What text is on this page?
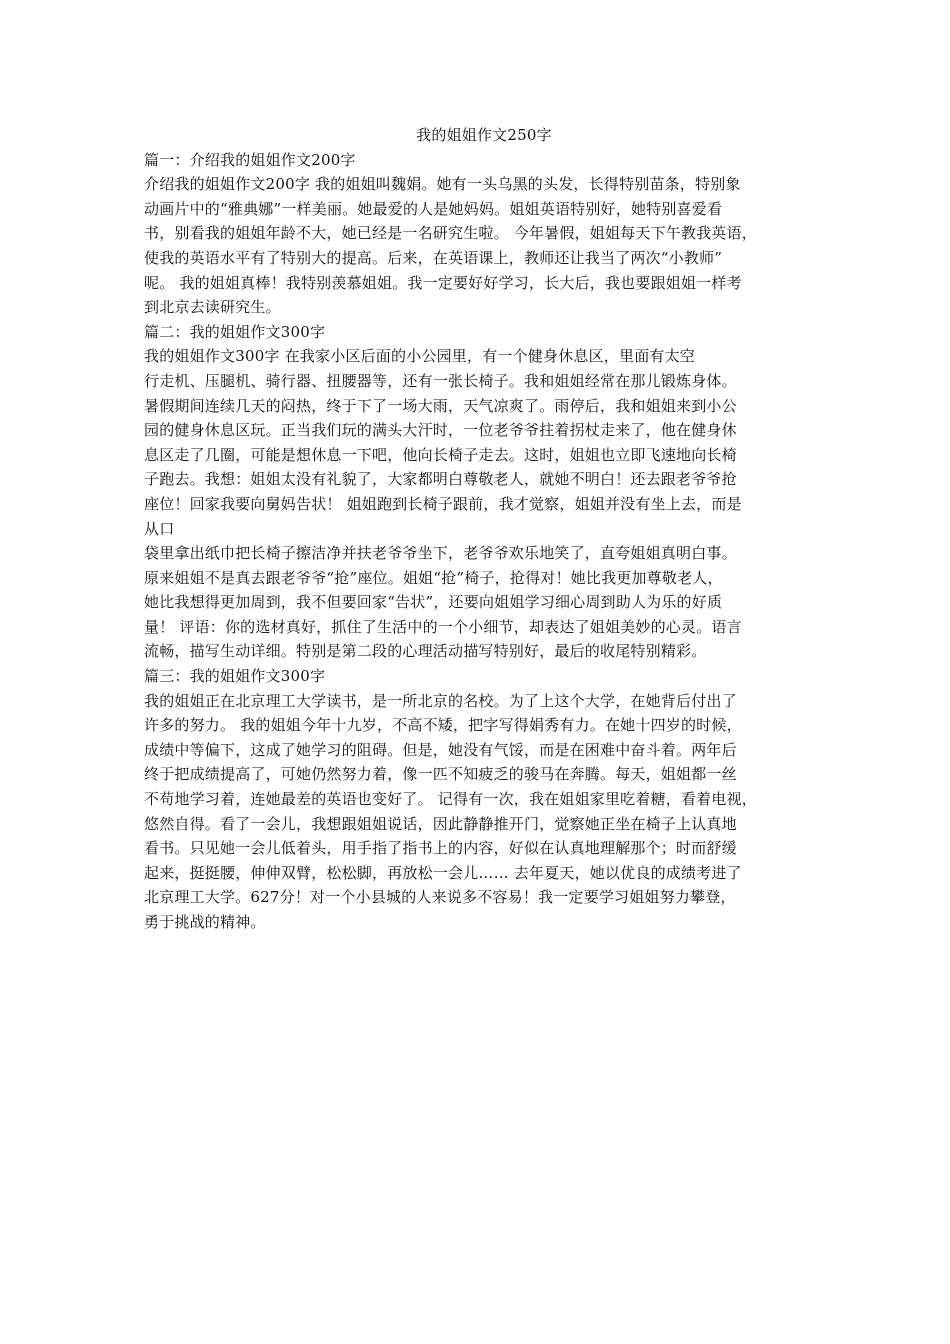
我的姐姐作文250字
篇一：介绍我的姐姐作文200字
介绍我的姐姐作文200字 我的姐姐叫魏娟。她有一头乌黑的头发，长得特别苗条，特别象
动画片中的“雅典娜”一样美丽。她最爱的人是她妈妈。姐姐英语特别好，她特别喜爱看
书，别看我的姐姐年龄不大，她已经是一名研究生啦。 今年暑假，姐姐每天下午教我英语，
使我的英语水平有了特别大的提高。后来，在英语课上，教师还让我当了两次“小教师”
呢。 我的姐姐真棒！我特别羡慕姐姐。我一定要好好学习，长大后，我也要跟姐姐一样考
到北京去读研究生。
篇二：我的姐姐作文300字
我的姐姐作文300字 在我家小区后面的小公园里，有一个健身休息区，里面有太空
行走机、压腿机、骑行器、扭腰器等，还有一张长椅子。我和姐姐经常在那儿锻炼身体。
暑假期间连续几天的闷热，终于下了一场大雨，天气凉爽了。雨停后，我和姐姐来到小公
园的健身休息区玩。正当我们玩的满头大汗时，一位老爷爷拄着拐杖走来了，他在健身休
息区走了几圈，可能是想休息一下吧，他向长椅子走去。这时，姐姐也立即飞速地向长椅
子跑去。我想：姐姐太没有礼貌了，大家都明白尊敬老人，就她不明白！还去跟老爷爷抢
座位！回家我要向舅妈告状！ 姐姐跑到长椅子跟前，我才觉察，姐姐并没有坐上去，而是
从口
袋里拿出纸巾把长椅子擦洁净并扶老爷爷坐下，老爷爷欢乐地笑了，直夸姐姐真明白事。
原来姐姐不是真去跟老爷爷“抢”座位。姐姐“抢”椅子，抢得对！她比我更加尊敬老人，
她比我想得更加周到，我不但要回家“告状”，还要向姐姐学习细心周到助人为乐的好质
量！ 评语：你的选材真好，抓住了生活中的一个小细节，却表达了姐姐美妙的心灵。语言
流畅，描写生动详细。特别是第二段的心理活动描写特别好，最后的收尾特别精彩。
篇三：我的姐姐作文300字
我的姐姐正在北京理工大学读书，是一所北京的名校。为了上这个大学，在她背后付出了
许多的努力。 我的姐姐今年十九岁，不高不矮，把字写得娟秀有力。在她十四岁的时候，
成绩中等偏下，这成了她学习的阻碍。但是，她没有气馁，而是在困难中奋斗着。两年后
终于把成绩提高了，可她仍然努力着，像一匹不知疲乏的骏马在奔腾。每天，姐姐都一丝
不苟地学习着，连她最差的英语也变好了。 记得有一次，我在姐姐家里吃着糖，看着电视，
悠然自得。看了一会儿，我想跟姐姐说话，因此静静推开门，觉察她正坐在椅子上认真地
看书。只见她一会儿低着头，用手指了指书上的内容，好似在认真地理解那个；时而舒缓
起来，挺挺腰，伸伸双臂，松松脚，再放松一会儿…… 去年夏天，她以优良的成绩考进了
北京理工大学。627分！对一个小县城的人来说多不容易！我一定要学习姐姐努力攀登，
勇于挑战的精神。
